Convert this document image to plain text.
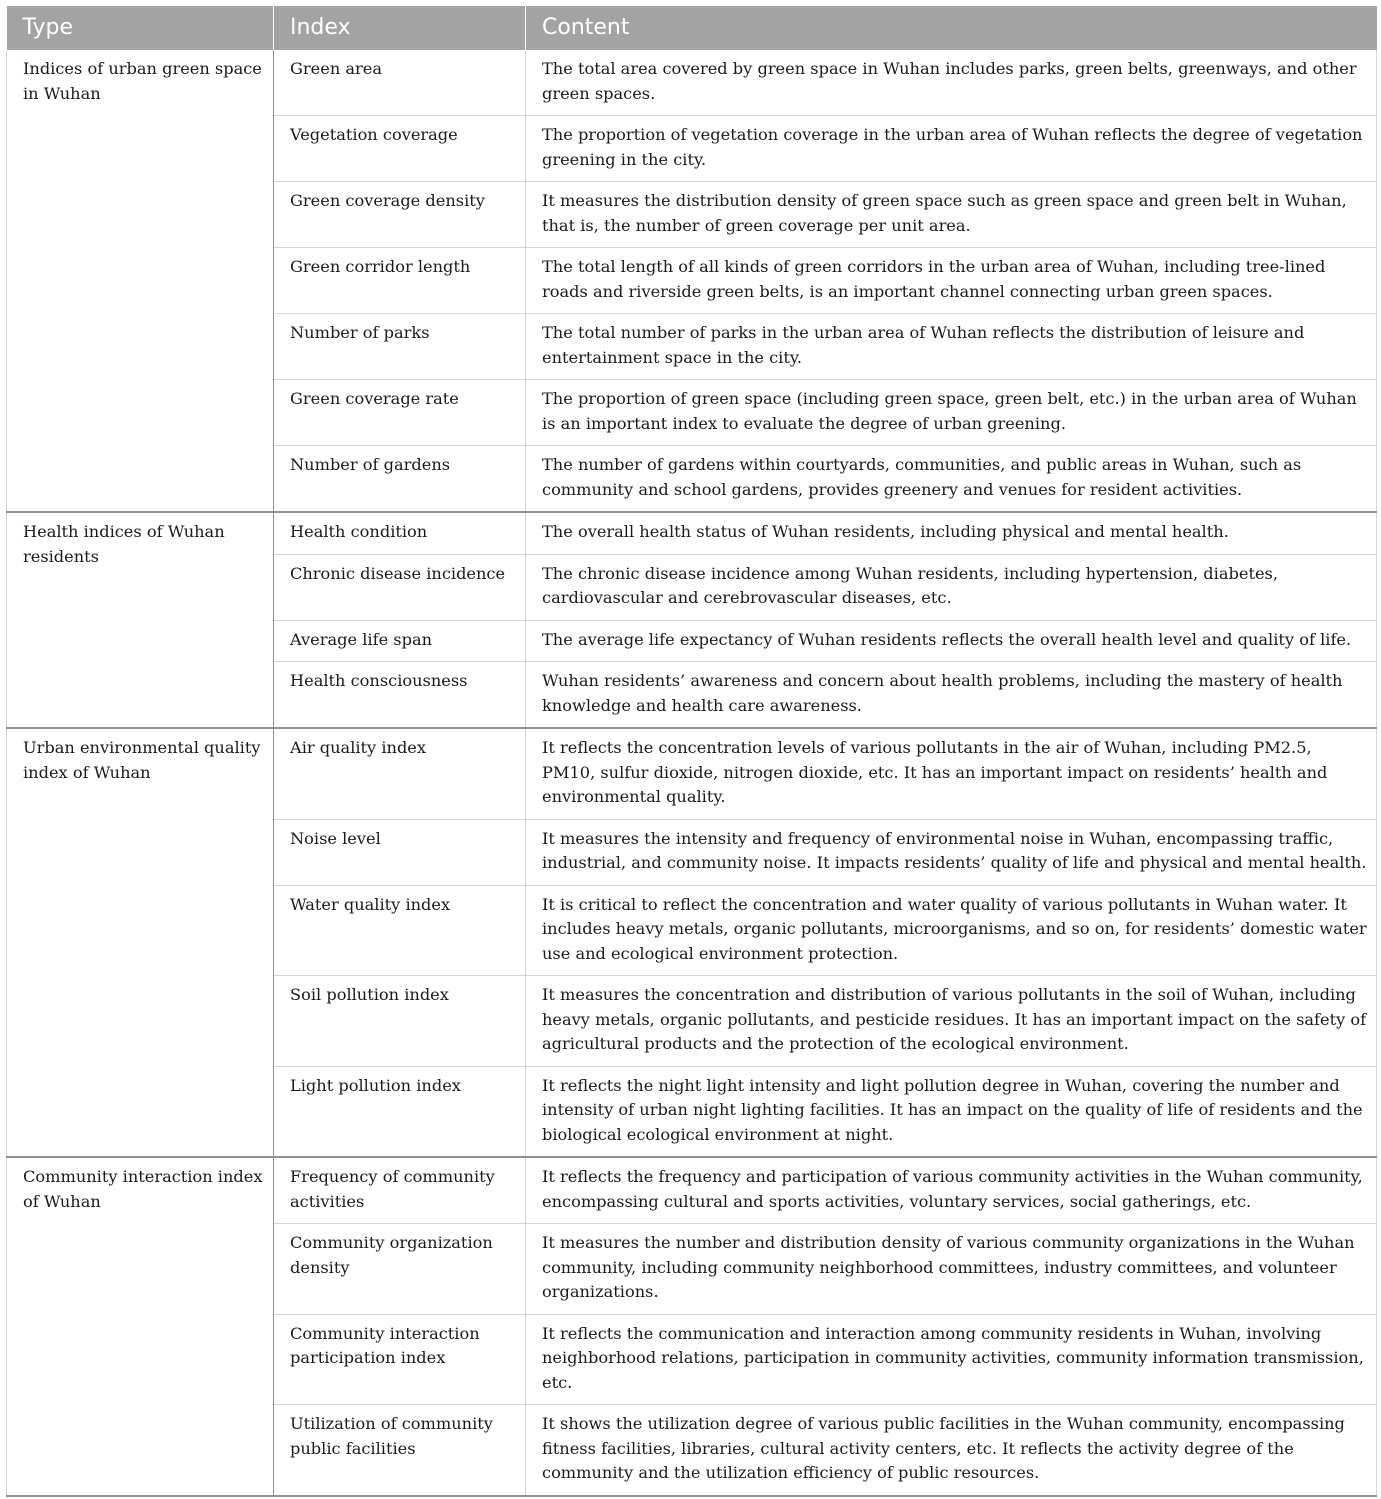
Type	Index	Content
Indices of urban green space in Wuhan	Green area	The total area covered by green space in Wuhan includes parks, green belts, greenways, and other green spaces.
	Vegetation coverage	The proportion of vegetation coverage in the urban area of Wuhan reflects the degree of vegetation greening in the city.
	Green coverage density	It measures the distribution density of green space such as green space and green belt in Wuhan, that is, the number of green coverage per unit area.
	Green corridor length	The total length of all kinds of green corridors in the urban area of Wuhan, including tree-lined roads and riverside green belts, is an important channel connecting urban green spaces.
	Number of parks	The total number of parks in the urban area of Wuhan reflects the distribution of leisure and entertainment space in the city.
	Green coverage rate	The proportion of green space (including green space, green belt, etc.) in the urban area of Wuhan is an important index to evaluate the degree of urban greening.
	Number of gardens	The number of gardens within courtyards, communities, and public areas in Wuhan, such as community and school gardens, provides greenery and venues for resident activities.
Health indices of Wuhan residents	Health condition	The overall health status of Wuhan residents, including physical and mental health.
	Chronic disease incidence	The chronic disease incidence among Wuhan residents, including hypertension, diabetes, cardiovascular and cerebrovascular diseases, etc.
	Average life span	The average life expectancy of Wuhan residents reflects the overall health level and quality of life.
	Health consciousness	Wuhan residents’ awareness and concern about health problems, including the mastery of health knowledge and health care awareness.
Urban environmental quality index of Wuhan	Air quality index	It reflects the concentration levels of various pollutants in the air of Wuhan, including PM2.5, PM10, sulfur dioxide, nitrogen dioxide, etc. It has an important impact on residents’ health and environmental quality.
	Noise level	It measures the intensity and frequency of environmental noise in Wuhan, encompassing traffic, industrial, and community noise. It impacts residents’ quality of life and physical and mental health.
	Water quality index	It is critical to reflect the concentration and water quality of various pollutants in Wuhan water. It includes heavy metals, organic pollutants, microorganisms, and so on, for residents’ domestic water use and ecological environment protection.
	Soil pollution index	It measures the concentration and distribution of various pollutants in the soil of Wuhan, including heavy metals, organic pollutants, and pesticide residues. It has an important impact on the safety of agricultural products and the protection of the ecological environment.
	Light pollution index	It reflects the night light intensity and light pollution degree in Wuhan, covering the number and intensity of urban night lighting facilities. It has an impact on the quality of life of residents and the biological ecological environment at night.
Community interaction index of Wuhan	Frequency of community activities	It reflects the frequency and participation of various community activities in the Wuhan community, encompassing cultural and sports activities, voluntary services, social gatherings, etc.
	Community organization density	It measures the number and distribution density of various community organizations in the Wuhan community, including community neighborhood committees, industry committees, and volunteer organizations.
	Community interaction participation index	It reflects the communication and interaction among community residents in Wuhan, involving neighborhood relations, participation in community activities, community information transmission, etc.
	Utilization of community public facilities	It shows the utilization degree of various public facilities in the Wuhan community, encompassing fitness facilities, libraries, cultural activity centers, etc. It reflects the activity degree of the community and the utilization efficiency of public resources.
